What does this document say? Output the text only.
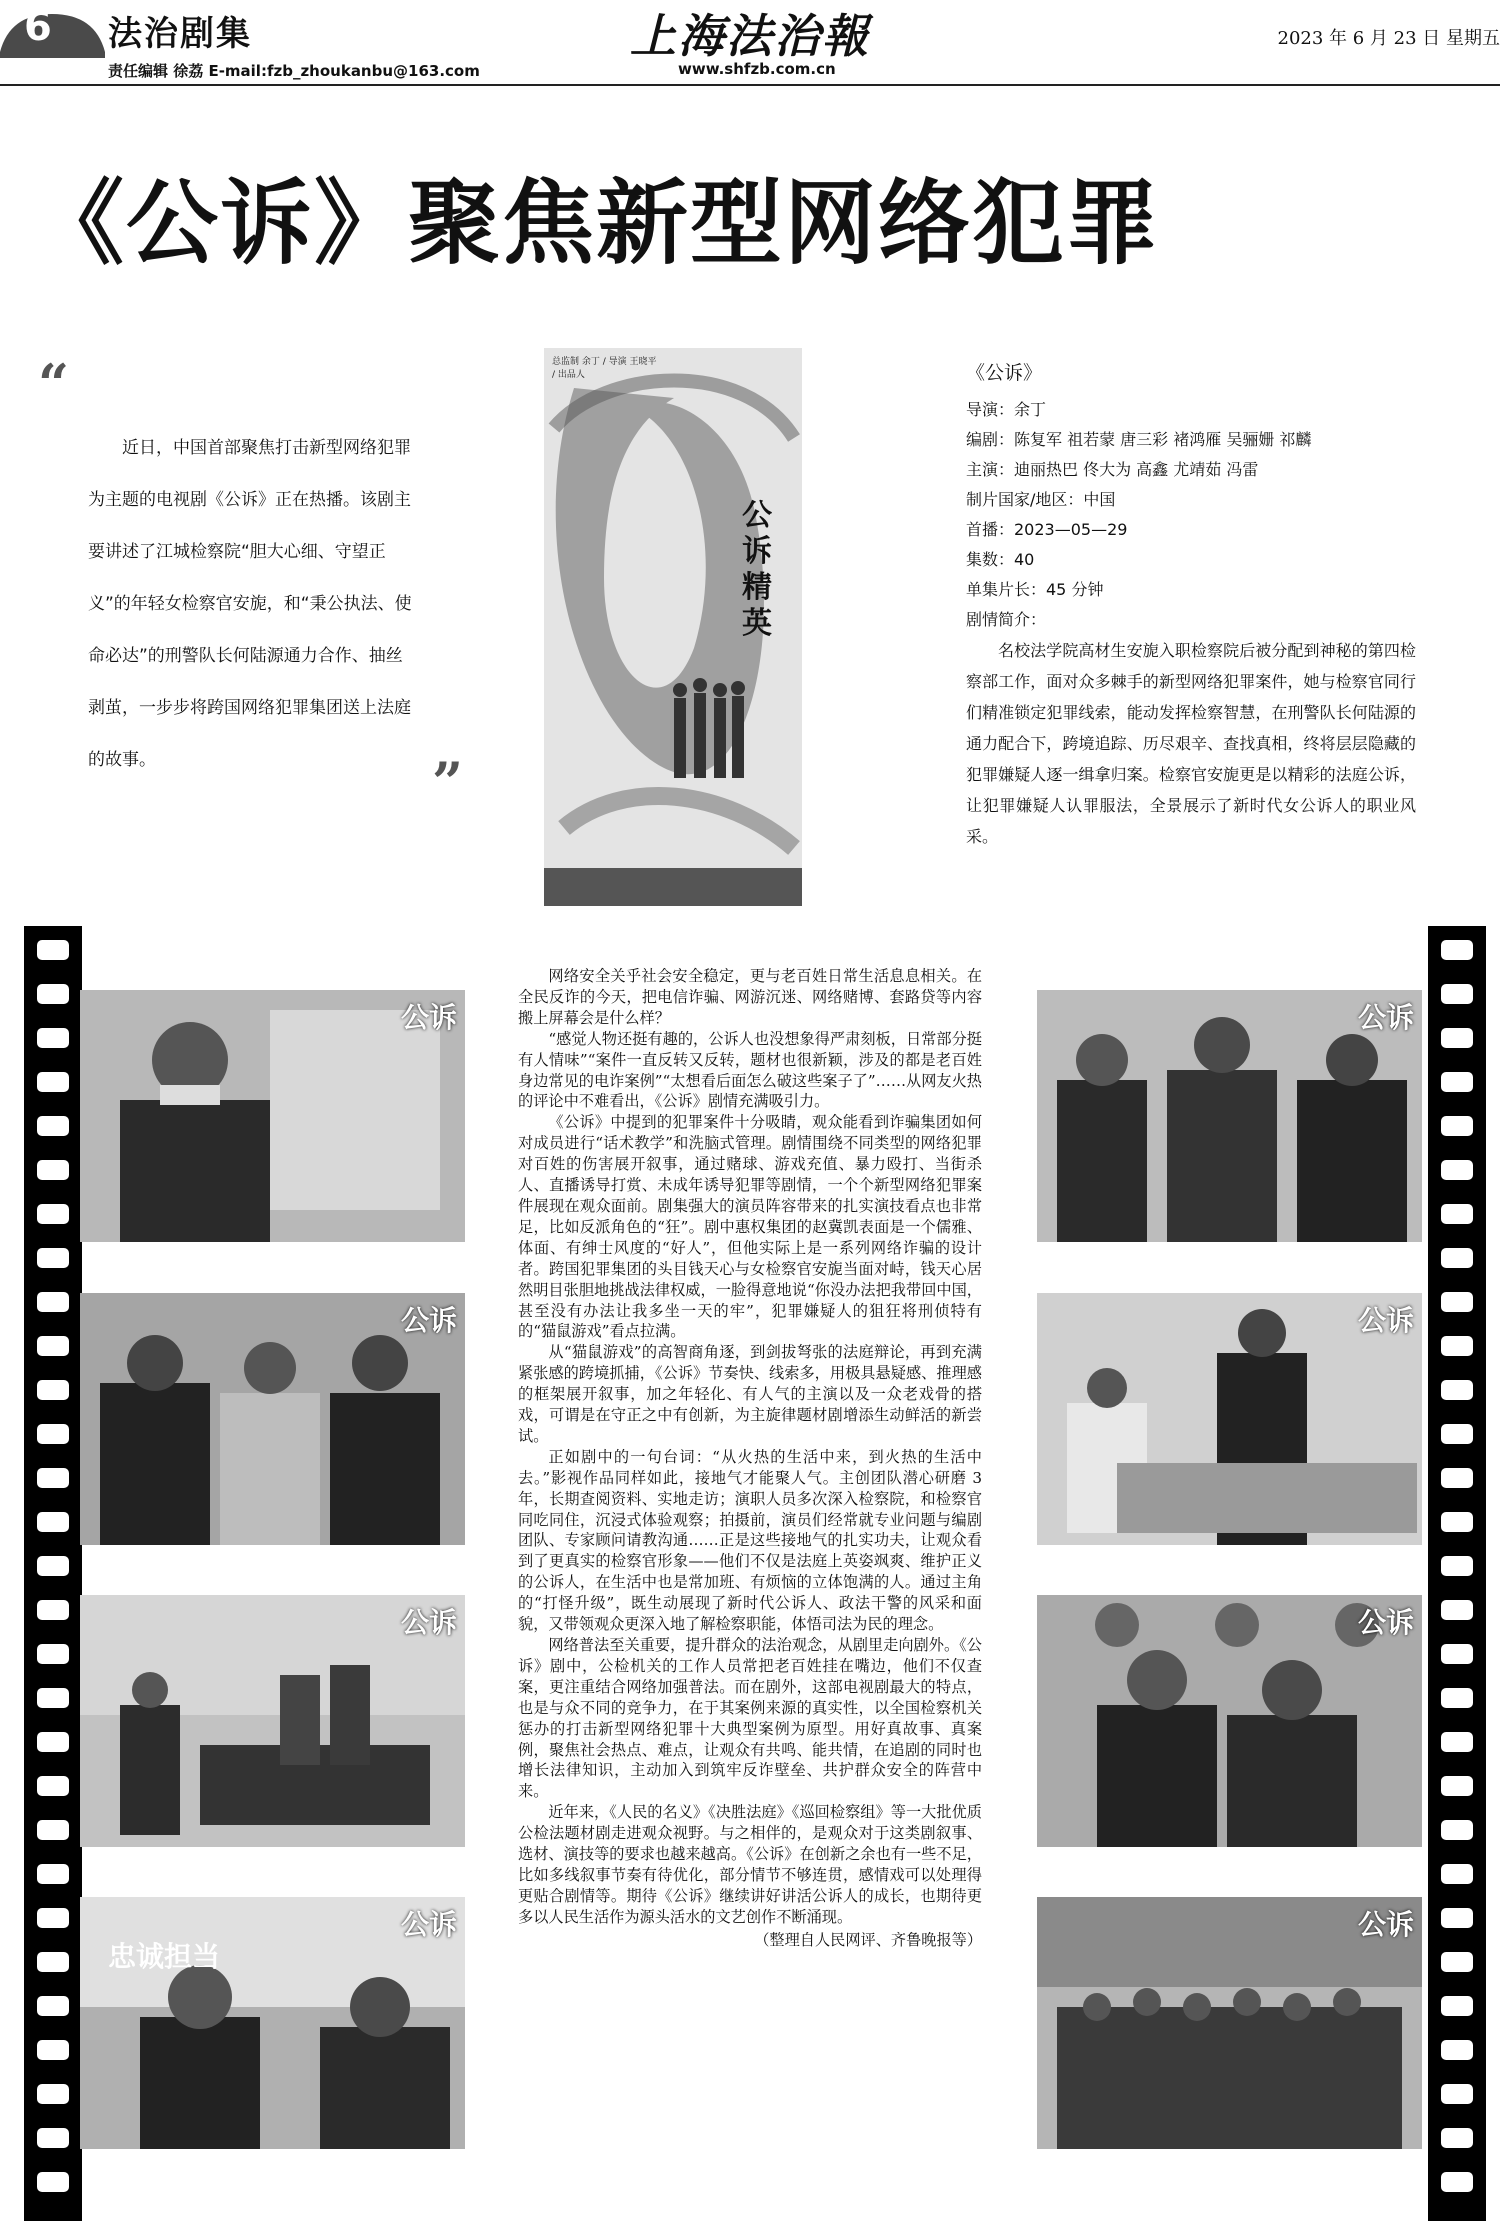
6 法治剧集
责任编辑 徐荔 E-mail:fzb_zhoukanbu@163.com
上海法治報
www.shfzb.com.cn
2023 年 6 月 23 日 星期五
《公诉》聚焦新型网络犯罪
“
近日，中国首部聚焦打击新型网络犯罪为主题的电视剧《公诉》正在热播。该剧主要讲述了江城检察院“胆大心细、守望正义”的年轻女检察官安旎，和“秉公执法、使命必达”的刑警队长何陆源通力合作、抽丝剥茧，一步步将跨国网络犯罪集团送上法庭的故事。	”
公诉精英
总监制 余丁 / 导演 王晓平 / 出品人	《公诉》
导演：余丁
编剧：陈复军 祖若蒙 唐三彩 褚鸿雁 吴骊姗 祁麟
主演：迪丽热巴 佟大为 高鑫 尤靖茹 冯雷
制片国家/地区：中国
首播：2023—05—29
集数：40
单集片长：45 分钟
剧情简介：
名校法学院高材生安旎入职检察院后被分配到神秘的第四检察部工作，面对众多棘手的新型网络犯罪案件，她与检察官同行们精准锁定犯罪线索，能动发挥检察智慧，在刑警队长何陆源的通力配合下，跨境追踪、历尽艰辛、查找真相，终将层层隐藏的犯罪嫌疑人逐一缉拿归案。检察官安旎更是以精彩的法庭公诉，让犯罪嫌疑人认罪服法，全景展示了新时代女公诉人的职业风采。
公诉
公诉
公诉
忠诚担当
公诉
公诉
公诉
公诉
公诉

网络安全关乎社会安全稳定，更与老百姓日常生活息息相关。在全民反诈的今天，把电信诈骗、网游沉迷、网络赌博、套路贷等内容搬上屏幕会是什么样？

“感觉人物还挺有趣的，公诉人也没想象得严肃刻板，日常部分挺有人情味”“案件一直反转又反转，题材也很新颖，涉及的都是老百姓身边常见的电诈案例”“太想看后面怎么破这些案子了”……从网友火热的评论中不难看出，《公诉》剧情充满吸引力。

《公诉》中提到的犯罪案件十分吸睛，观众能看到诈骗集团如何对成员进行“话术教学”和洗脑式管理。剧情围绕不同类型的网络犯罪对百姓的伤害展开叙事，通过赌球、游戏充值、暴力殴打、当街杀人、直播诱导打赏、未成年诱导犯罪等剧情，一个个新型网络犯罪案件展现在观众面前。剧集强大的演员阵容带来的扎实演技看点也非常足，比如反派角色的“狂”。剧中惠权集团的赵冀凯表面是一个儒雅、体面、有绅士风度的“好人”，但他实际上是一系列网络诈骗的设计者。跨国犯罪集团的头目钱天心与女检察官安旎当面对峙，钱天心居然明目张胆地挑战法律权威，一脸得意地说“你没办法把我带回中国，甚至没有办法让我多坐一天的牢”，犯罪嫌疑人的狙狂将刑侦特有的“猫鼠游戏”看点拉满。

从“猫鼠游戏”的高智商角逐，到剑拔弩张的法庭辩论，再到充满紧张感的跨境抓捕，《公诉》节奏快、线索多，用极具悬疑感、推理感的框架展开叙事，加之年轻化、有人气的主演以及一众老戏骨的搭戏，可谓是在守正之中有创新，为主旋律题材剧增添生动鲜活的新尝试。

正如剧中的一句台词：“从火热的生活中来，到火热的生活中去。”影视作品同样如此，接地气才能聚人气。主创团队潜心研磨 3 年，长期查阅资料、实地走访；演职人员多次深入检察院，和检察官同吃同住，沉浸式体验观察；拍摄前，演员们经常就专业问题与编剧团队、专家顾问请教沟通……正是这些接地气的扎实功夫，让观众看到了更真实的检察官形象——他们不仅是法庭上英姿飒爽、维护正义的公诉人，在生活中也是常加班、有烦恼的立体饱满的人。通过主角的“打怪升级”，既生动展现了新时代公诉人、政法干警的风采和面貌，又带领观众更深入地了解检察职能，体悟司法为民的理念。

网络普法至关重要，提升群众的法治观念，从剧里走向剧外。《公诉》剧中，公检机关的工作人员常把老百姓挂在嘴边，他们不仅查案，更注重结合网络加强普法。而在剧外，这部电视剧最大的特点，也是与众不同的竞争力，在于其案例来源的真实性，以全国检察机关惩办的打击新型网络犯罪十大典型案例为原型。用好真故事、真案例，聚焦社会热点、难点，让观众有共鸣、能共情，在追剧的同时也增长法律知识，主动加入到筑牢反诈壁垒、共护群众安全的阵营中来。

近年来，《人民的名义》《决胜法庭》《巡回检察组》等一大批优质公检法题材剧走进观众视野。与之相伴的，是观众对于这类剧叙事、选材、演技等的要求也越来越高。《公诉》在创新之余也有一些不足，比如多线叙事节奏有待优化，部分情节不够连贯，感情戏可以处理得更贴合剧情等。期待《公诉》继续讲好讲活公诉人的成长，也期待更多以人民生活作为源头活水的文艺创作不断涌现。

（整理自人民网评、齐鲁晚报等）
